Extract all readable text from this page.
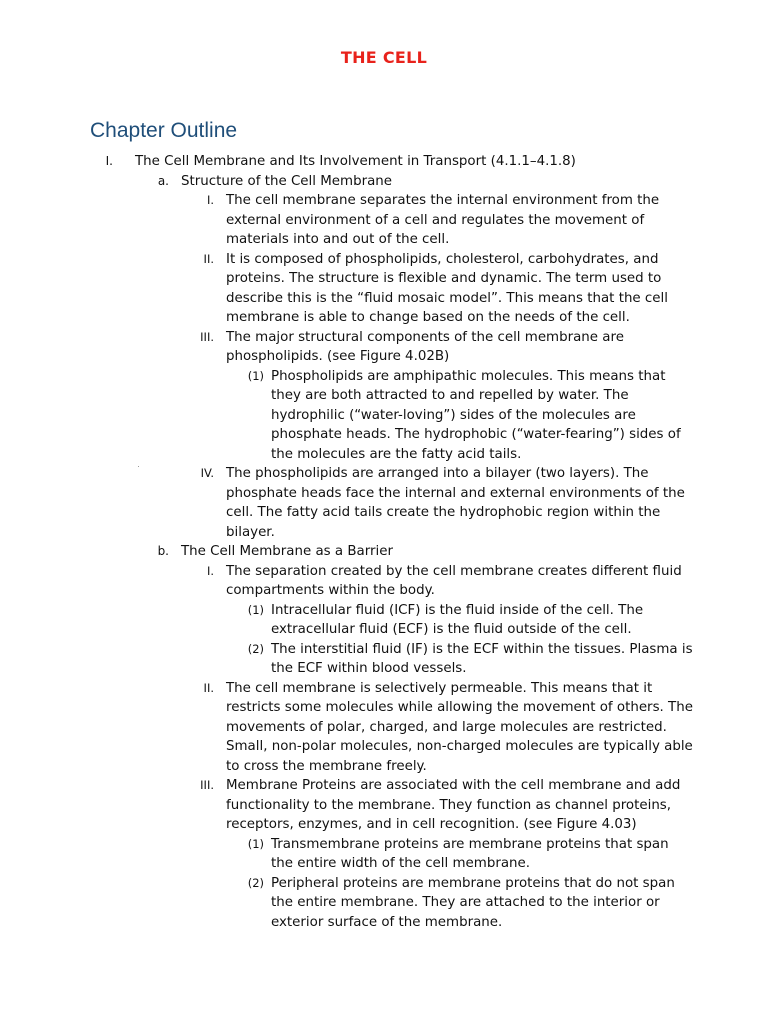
THE CELL
Chapter Outline
I. The Cell Membrane and Its Involvement in Transport (4.1.1–4.1.8)
a. Structure of the Cell Membrane
I. The cell membrane separates the internal environment from the
external environment of a cell and regulates the movement of
materials into and out of the cell.
II. It is composed of phospholipids, cholesterol, carbohydrates, and
proteins. The structure is flexible and dynamic. The term used to
describe this is the “fluid mosaic model”. This means that the cell
membrane is able to change based on the needs of the cell.
III. The major structural components of the cell membrane are
phospholipids. (see Figure 4.02B)
(1) Phospholipids are amphipathic molecules. This means that
they are both attracted to and repelled by water. The
hydrophilic (“water-loving”) sides of the molecules are
phosphate heads. The hydrophobic (“water-fearing”) sides of
the molecules are the fatty acid tails.
IV. The phospholipids are arranged into a bilayer (two layers). The
phosphate heads face the internal and external environments of the
cell. The fatty acid tails create the hydrophobic region within the
bilayer.
b. The Cell Membrane as a Barrier
I. The separation created by the cell membrane creates different fluid
compartments within the body.
(1) Intracellular fluid (ICF) is the fluid inside of the cell. The
extracellular fluid (ECF) is the fluid outside of the cell.
(2) The interstitial fluid (IF) is the ECF within the tissues. Plasma is
the ECF within blood vessels.
II. The cell membrane is selectively permeable. This means that it
restricts some molecules while allowing the movement of others. The
movements of polar, charged, and large molecules are restricted.
Small, non-polar molecules, non-charged molecules are typically able
to cross the membrane freely.
III. Membrane Proteins are associated with the cell membrane and add
functionality to the membrane. They function as channel proteins,
receptors, enzymes, and in cell recognition. (see Figure 4.03)
(1) Transmembrane proteins are membrane proteins that span
the entire width of the cell membrane.
(2) Peripheral proteins are membrane proteins that do not span
the entire membrane. They are attached to the interior or
exterior surface of the membrane.
